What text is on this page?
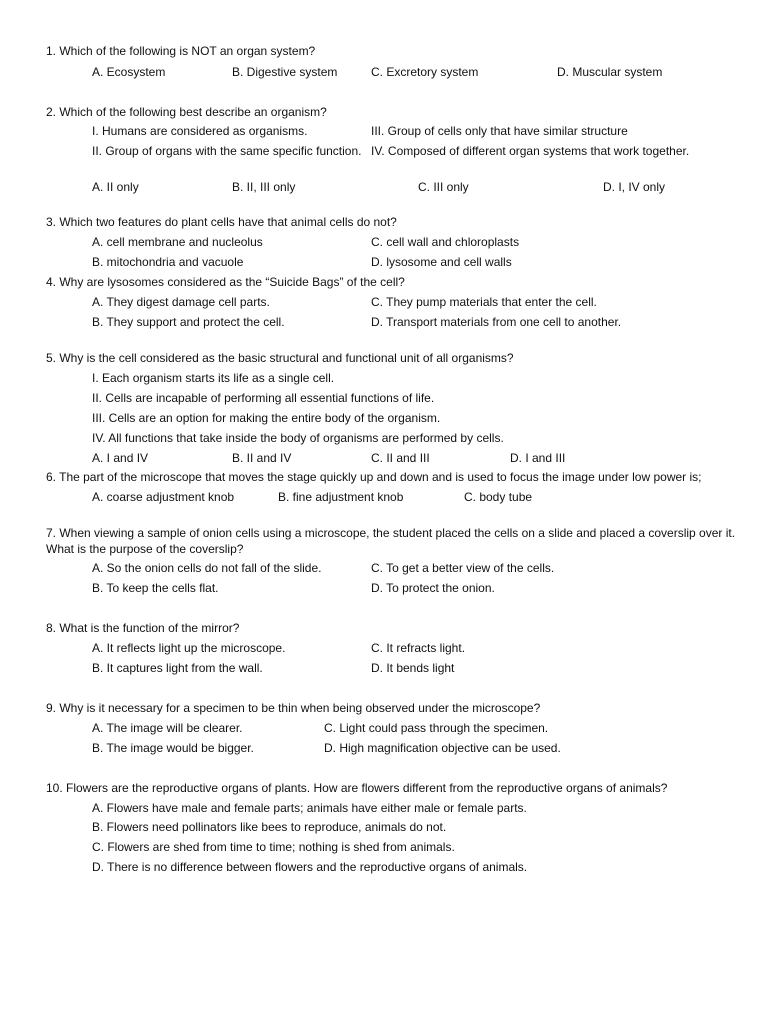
1. Which of the following is NOT an organ system?
A. Ecosystem	B. Digestive system	C. Excretory system	D. Muscular system
2. Which of the following best describe an organism?
I. Humans are considered as organisms.	III. Group of cells only that have similar structure
II. Group of organs with the same specific function. IV. Composed of different organ systems that work together.
A. II only	B. II, III only	C. III only	D. I, IV only
3. Which two features do plant cells have that animal cells do not?
A. cell membrane and nucleolus	C. cell wall and chloroplasts
B. mitochondria and vacuole	D. lysosome and cell walls
4. Why are lysosomes considered as the “Suicide Bags” of the cell?
A. They digest damage cell parts.	C. They pump materials that enter the cell.
B. They support and protect the cell.	D. Transport materials from one cell to another.
5. Why is the cell considered as the basic structural and functional unit of all organisms?
I. Each organism starts its life as a single cell.
II. Cells are incapable of performing all essential functions of life.
III. Cells are an option for making the entire body of the organism.
IV. All functions that take inside the body of organisms are performed by cells.
A. I and IV	B. II and IV	C. II and III	D. I and III
6. The part of the microscope that moves the stage quickly up and down and is used to focus the image under low power is;
A. coarse adjustment knob	B. fine adjustment knob	C. body tube
7. When viewing a sample of onion cells using a microscope, the student placed the cells on a slide and placed a coverslip over it.
What is the purpose of the coverslip?
A. So the onion cells do not fall of the slide.	C. To get a better view of the cells.
B. To keep the cells flat.	D. To protect the onion.
8. What is the function of the mirror?
A. It reflects light up the microscope.	C. It refracts light.
B. It captures light from the wall.	D. It bends light
9. Why is it necessary for a specimen to be thin when being observed under the microscope?
A. The image will be clearer.	C. Light could pass through the specimen.
B. The image would be bigger.	D. High magnification objective can be used.
10. Flowers are the reproductive organs of plants. How are flowers different from the reproductive organs of animals?
A. Flowers have male and female parts; animals have either male or female parts.
B. Flowers need pollinators like bees to reproduce, animals do not.
C. Flowers are shed from time to time; nothing is shed from animals.
D. There is no difference between flowers and the reproductive organs of animals.
